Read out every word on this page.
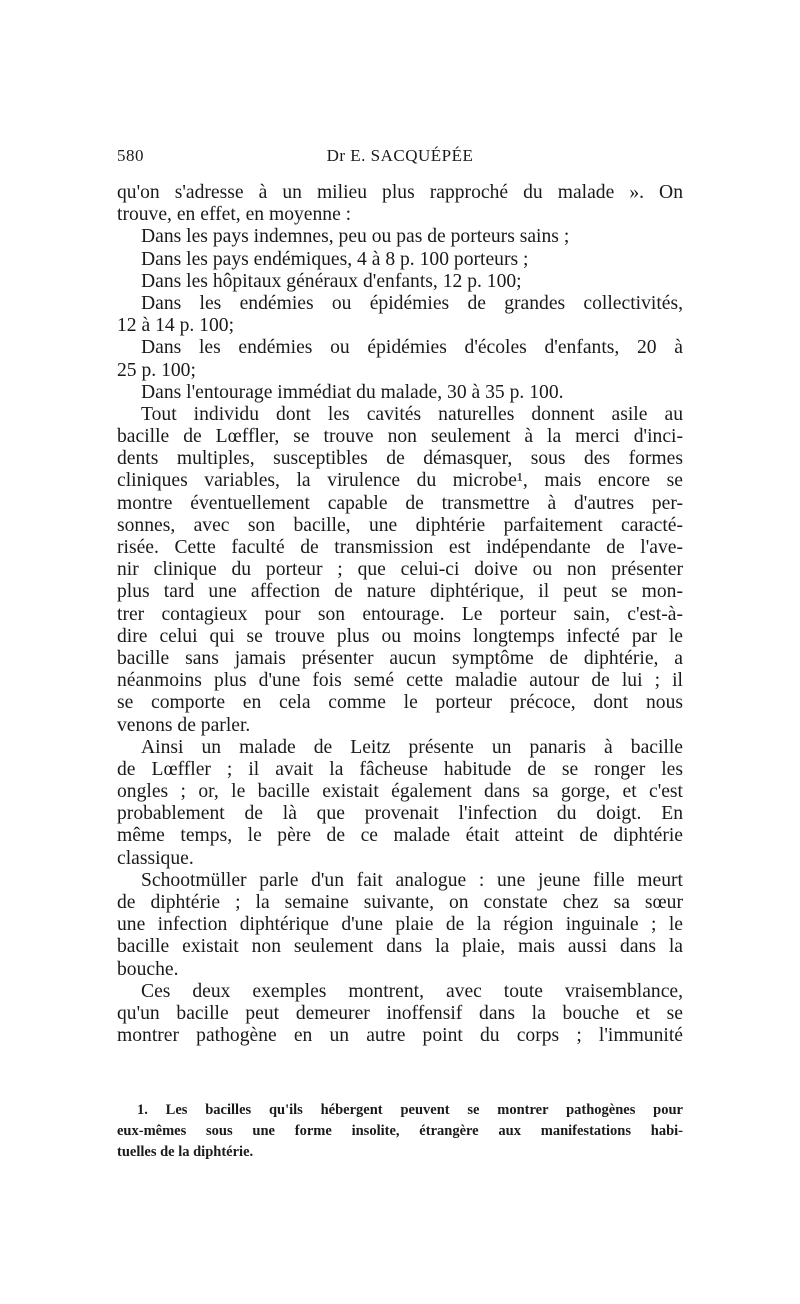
580	Dr E. SACQUÉPÉE
qu'on s'adresse à un milieu plus rapproché du malade ». On
trouve, en effet, en moyenne :
Dans les pays indemnes, peu ou pas de porteurs sains ;
Dans les pays endémiques, 4 à 8 p. 100 porteurs ;
Dans les hôpitaux généraux d'enfants, 12 p. 100;
Dans les endémies ou épidémies de grandes collectivités,
12 à 14 p. 100;
Dans les endémies ou épidémies d'écoles d'enfants, 20 à
25 p. 100;
Dans l'entourage immédiat du malade, 30 à 35 p. 100.
Tout individu dont les cavités naturelles donnent asile au
bacille de Lœffler, se trouve non seulement à la merci d'inci-
dents multiples, susceptibles de démasquer, sous des formes
cliniques variables, la virulence du microbe¹, mais encore se
montre éventuellement capable de transmettre à d'autres per-
sonnes, avec son bacille, une diphtérie parfaitement caracté-
risée. Cette faculté de transmission est indépendante de l'ave-
nir clinique du porteur ; que celui-ci doive ou non présenter
plus tard une affection de nature diphtérique, il peut se mon-
trer contagieux pour son entourage. Le porteur sain, c'est-à-
dire celui qui se trouve plus ou moins longtemps infecté par le
bacille sans jamais présenter aucun symptôme de diphtérie, a
néanmoins plus d'une fois semé cette maladie autour de lui ; il
se comporte en cela comme le porteur précoce, dont nous
venons de parler.
Ainsi un malade de Leitz présente un panaris à bacille
de Lœffler ; il avait la fâcheuse habitude de se ronger les
ongles ; or, le bacille existait également dans sa gorge, et c'est
probablement de là que provenait l'infection du doigt. En
même temps, le père de ce malade était atteint de diphtérie
classique.
Schootmüller parle d'un fait analogue : une jeune fille meurt
de diphtérie ; la semaine suivante, on constate chez sa sœur
une infection diphtérique d'une plaie de la région inguinale ; le
bacille existait non seulement dans la plaie, mais aussi dans la
bouche.
Ces deux exemples montrent, avec toute vraisemblance,
qu'un bacille peut demeurer inoffensif dans la bouche et se
montrer pathogène en un autre point du corps ; l'immunité
1. Les bacilles qu'ils hébergent peuvent se montrer pathogènes pour
eux-mêmes sous une forme insolite, étrangère aux manifestations habi-
tuelles de la diphtérie.
